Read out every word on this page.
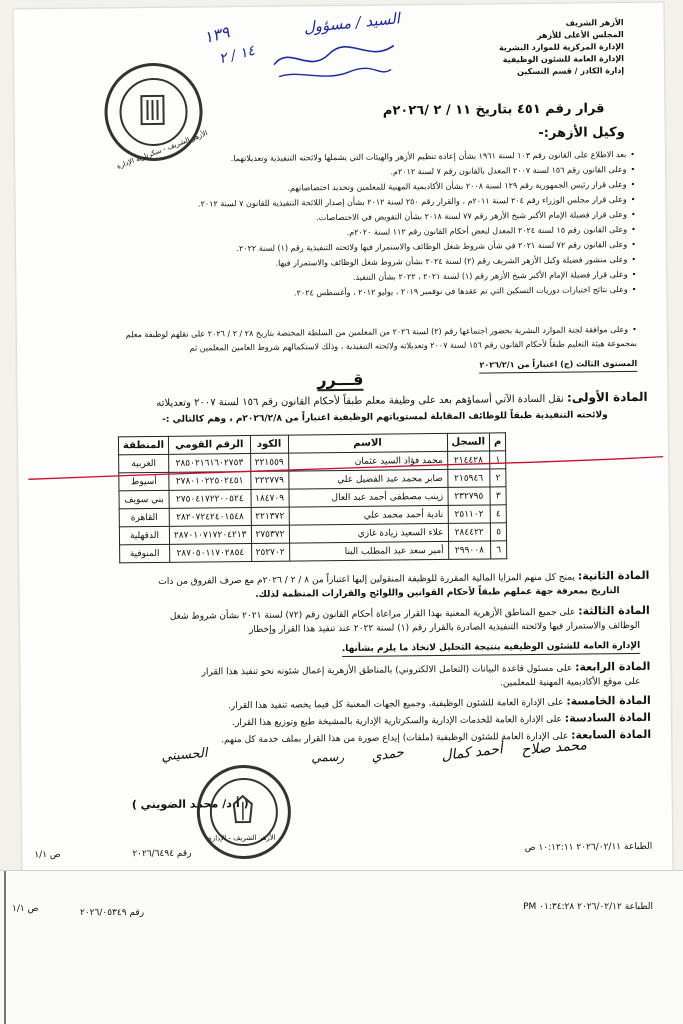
الأزهر الشريف
المجلس الأعلى للأزهر
الإدارة المركزية للموارد البشرية
الإدارة العامة للشئون الوظيفية
إدارة الكادر / قسم التسكين
السيد / مسؤول
١٣٩
١٤ / ٢
الأزهر الشريف - سكرتارية الإدارة
قرار رقم ٤٥١ بتاريخ ١١ / ٢ /٢٠٢٦م
وكيل الأزهر:-
• بعد الاطلاع على القانون رقم ١٠٣ لسنة ١٩٦١ بشأن إعادة تنظيم الأزهر والهيئات التي يشملها ولائحته التنفيذية وتعديلاتهما.
• وعلى القانون رقم ١٥٦ لسنة ٢٠٠٧ المعدل بالقانون رقم ٧ لسنة ٢٠١٢م.
• وعلى قرار رئيس الجمهورية رقم ١٢٩ لسنة ٢٠٠٨ بشأن الأكاديمية المهنية للمعلمين وتحديد اختصاصاتهم.
• وعلى قرار مجلس الوزراء رقم ٢٠٤ لسنة ٢٠١١م ، والقرار رقم ٢٥٠ لسنة ٢٠١٢ بشأن إصدار اللائحة التنفيذية للقانون ٧ لسنة ٢٠١٢.
• وعلى قرار فضيلة الإمام الأكبر شيخ الأزهر رقم ٧٧ لسنة ٢٠١٨ بشأن التفويض في الاختصاصات.
• وعلى القانون رقم ١٥ لسنة ٢٠٢٤ المعدل لبعض أحكام القانون رقم ١١٢ لسنة ٢٠٢٠م.
• وعلى القانون رقم ٧٢ لسنة ٢٠٢١ في شأن شروط شغل الوظائف والاستمرار فيها ولائحته التنفيذية رقم (١) لسنة ٢٠٢٢.
• وعلى منشور فضيلة وكيل الأزهر الشريف رقم (٢) لسنة ٢٠٢٤ بشأن شروط شغل الوظائف والاستمرار فيها.
• وعلى قرار فضيلة الإمام الأكبر شيخ الأزهر رقم (١) لسنة ٢٠٢١ ، ٢٠٢٢ بشأن التنفيذ.
• وعلى نتائج اختبارات دوريات التسكين التي تم عقدها في نوفمبر ٢٠١٩ ، يوليو ٢٠١٢ ، وأغسطس ٢٠٢٤.
• وعلى موافقة لجنة الموارد البشرية بحضور اجتماعها رقم (٢) لسنة ٢٠٢٦ من المعلمين من السلطة المختصة بتاريخ ٢٨ / ٢ / ٢٠٢٦ على نقلهم لوظيفة معلم
بمجموعة هيئة التعليم طبقاً لأحكام القانون رقم ١٥٦ لسنة ٢٠٠٧ وتعديلاته ولائحته التنفيذية ، وذلك لاستكمالهم شروط العامين المعلمين ثم
المستوى الثالث (ج) اعتباراً من ٢٠٢٦/٢/١
قـــرر
المادة الأولى: نقل السادة الآتي أسماؤهم بعد على وظيفة معلم طبقاً لأحكام القانون رقم ١٥٦ لسنة ٢٠٠٧ وتعديلاته
ولائحته التنفيذية طبقاً للوظائف المقابلة لمستوياتهم الوظيفية اعتباراً من ٢٠٢٦/٢/٨م ، وهم كالتالي :-
م	السجل	الاسم	الكود	الرقم القومي	المنطقة
١	٢١٤٤٢٨	محمد فؤاد السيد عثمان	٢٢١٥٥٩	٢٨٥٠٢١٦١٦٠٢٧٥٣	الغربية
٢	٢١٥٩٤٦	صابر محمد عبد الفضيل علي	٢٢٢٧٧٩	٢٧٨٠١٠٢٢٥٠٢٤٥١	أسيوط
٣	٢٣٢٧٩٥	زينب مصطفى أحمد عبد العال	١٨٤٧٠٩	٢٧٥٠٤١٧٢٢٠٠٥٢٤	بني سويف
٤	٢٥١١٠٢	نادية أحمد محمد علي	٢٢١٣٧٢	٢٨٢٠٧٢٤٢٤٠١٥٤٨	القاهرة
٥	٢٨٤٤٢٢	علاء السعيد زيادة غازي	٢٧٥٣٧٢	٢٨٧٠١٠٧١٧٢٠٤٢١٣	الدقهلية
٦	٢٩٩٠٠٨	أمير سعد عبد المطلب البنا	٢٥٢٧٠٢	٢٨٧٠٥٠١١٧٠٢٨٥٤	المنوفية
المادة الثانية: يمنح كل منهم المزايا المالية المقررة للوظيفة المنقولين إليها اعتباراً من ٨ / ٢ / ٢٠٢٦م مع صرف الفروق من ذات
التاريخ بمعرفة جهة عملهم طبقاً لأحكام القوانين واللوائح والقرارات المنظمة لذلك.
المادة الثالثة: على جميع المناطق الأزهرية المعنية بهذا القرار مراعاة أحكام القانون رقم (٧٢) لسنة ٢٠٢١ بشأن شروط شغل
الوظائف والاستمرار فيها ولائحته التنفيذية الصادرة بالقرار رقم (١) لسنة ٢٠٢٢ عند تنفيذ هذا القرار وإخطار
الإدارة العامة للشئون الوظيفية بنتيجة التحليل لاتخاذ ما يلزم بشأنها.
المادة الرابعة: على مسئول قاعدة البيانات (التعامل الالكتروني) بالمناطق الأزهرية إعمال شئونه نحو تنفيذ هذا القرار
على موقع الأكاديمية المهنية للمعلمين.
المادة الخامسة: على الإدارة العامة للشئون الوظيفية، وجميع الجهات المعنية كل فيما يخصه تنفيذ هذا القرار.
المادة السادسة: على الإدارة العامة للخدمات الإدارية والسكرتارية الإدارية بالمشيخة طبع وتوزيع هذا القرار.
المادة السابعة: على الإدارة العامة للشئون الوظيفية (ملفات) إيداع صورة من هذا القرار بملف خدمة كل منهم.
محمد صلاح
أحمد كمال
حمدي
رسمي
الحسيني
( أ.د/ محمد الضويني )
الأزهر الشريف - الإدارة
ص ١/١	رقم ٢٠٢٦/٦٤٩٤
الطباعة ٢٠٢٦/٠٢/١١ ١٠:١٢:١١ ص
ص ١/١	رقم ٢٠٢٦/٠٥٣٤٩
الطباعة ٢٠٢٦/٠٢/١٢ ٠١:٣٤:٢٨ PM
